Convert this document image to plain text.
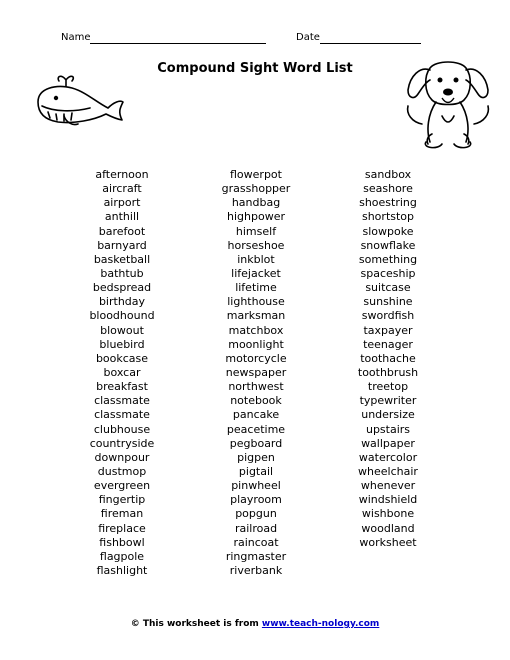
Name	Date
Compound Sight Word List
afternoon
aircraft
airport
anthill
barefoot
barnyard
basketball
bathtub
bedspread
birthday
bloodhound
blowout
bluebird
bookcase
boxcar
breakfast
classmate
classmate
clubhouse
countryside
downpour
dustmop
evergreen
fingertip
fireman
fireplace
fishbowl
flagpole
flashlight
flowerpot
grasshopper
handbag
highpower
himself
horseshoe
inkblot
lifejacket
lifetime
lighthouse
marksman
matchbox
moonlight
motorcycle
newspaper
northwest
notebook
pancake
peacetime
pegboard
pigpen
pigtail
pinwheel
playroom
popgun
railroad
raincoat
ringmaster
riverbank
sandbox
seashore
shoestring
shortstop
slowpoke
snowflake
something
spaceship
suitcase
sunshine
swordfish
taxpayer
teenager
toothache
toothbrush
treetop
typewriter
undersize
upstairs
wallpaper
watercolor
wheelchair
whenever
windshield
wishbone
woodland
worksheet
© This worksheet is from www.teach-nology.com
